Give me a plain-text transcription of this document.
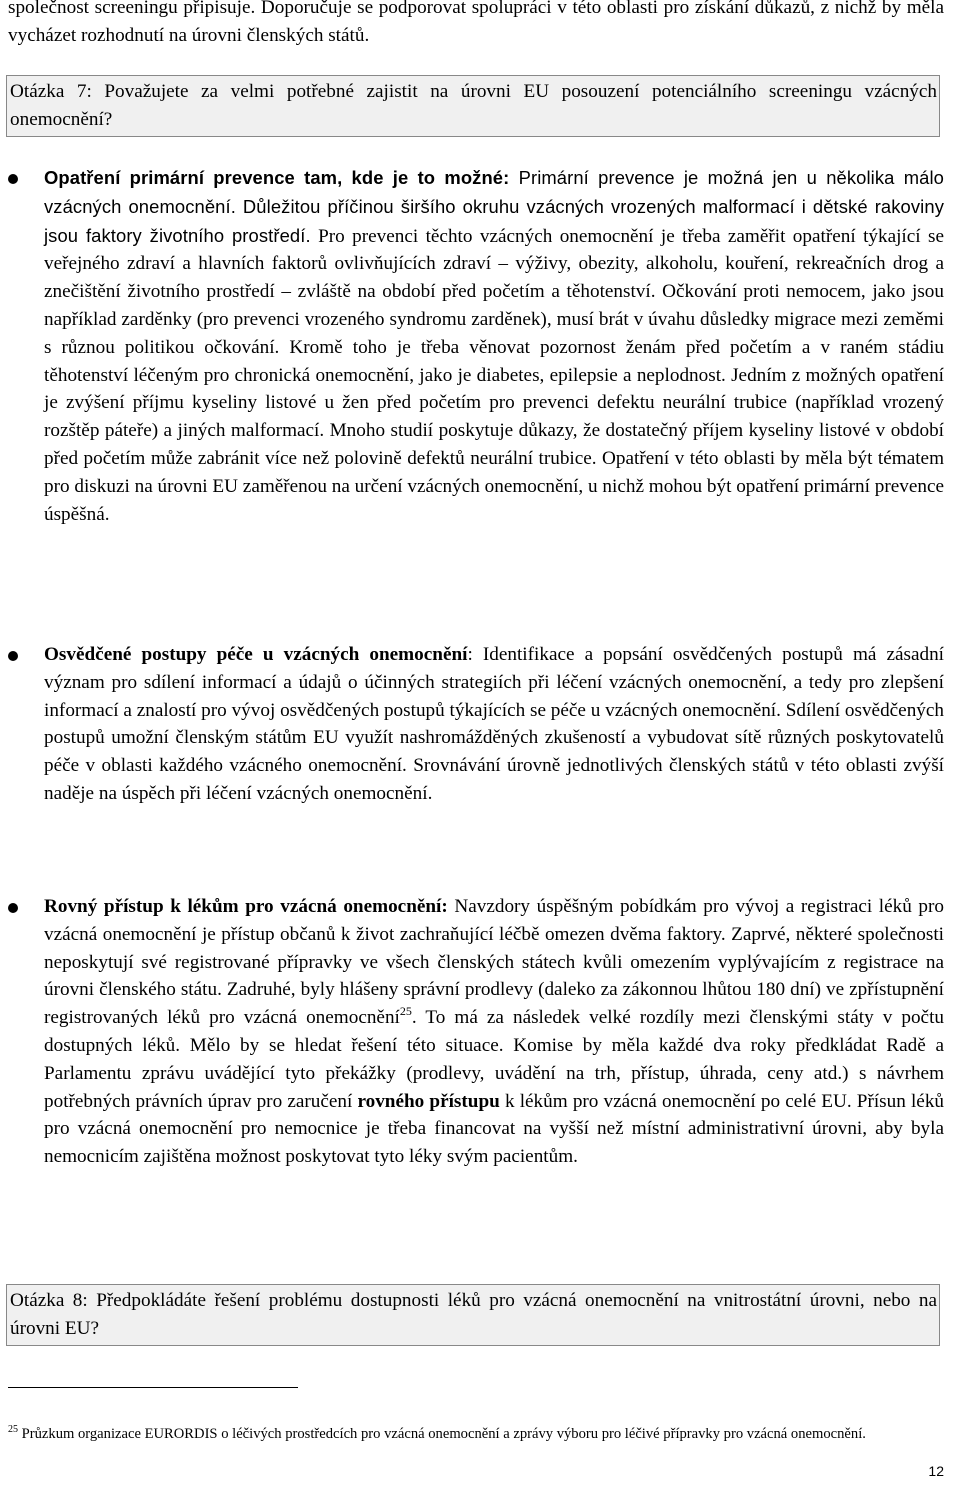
společnost screeningu připisuje. Doporučuje se podporovat spolupráci v této oblasti pro získání důkazů, z nichž by měla vycházet rozhodnutí na úrovni členských států.
Otázka 7: Považujete za velmi potřebné zajistit na úrovni EU posouzení potenciálního screeningu vzácných onemocnění?
Opatření primární prevence tam, kde je to možné: Primární prevence je možná jen u několika málo vzácných onemocnění. Důležitou příčinou širšího okruhu vzácných vrozených malformací i dětské rakoviny jsou faktory životního prostředí. Pro prevenci těchto vzácných onemocnění je třeba zaměřit opatření týkající se veřejného zdraví a hlavních faktorů ovlivňujících zdraví – výživy, obezity, alkoholu, kouření, rekreačních drog a znečištění životního prostředí – zvláště na období před početím a těhotenství. Očkování proti nemocem, jako jsou například zarděnky (pro prevenci vrozeného syndromu zarděnek), musí brát v úvahu důsledky migrace mezi zeměmi s různou politikou očkování. Kromě toho je třeba věnovat pozornost ženám před početím a v raném stádiu těhotenství léčeným pro chronická onemocnění, jako je diabetes, epilepsie a neplodnost. Jedním z možných opatření je zvýšení příjmu kyseliny listové u žen před početím pro prevenci defektu neurální trubice (například vrozený rozštěp páteře) a jiných malformací. Mnoho studií poskytuje důkazy, že dostatečný příjem kyseliny listové v období před početím může zabránit více než polovině defektů neurální trubice. Opatření v této oblasti by měla být tématem pro diskuzi na úrovni EU zaměřenou na určení vzácných onemocnění, u nichž mohou být opatření primární prevence úspěšná.
Osvědčené postupy péče u vzácných onemocnění: Identifikace a popsání osvědčených postupů má zásadní význam pro sdílení informací a údajů o účinných strategiích při léčení vzácných onemocnění, a tedy pro zlepšení informací a znalostí pro vývoj osvědčených postupů týkajících se péče u vzácných onemocnění. Sdílení osvědčených postupů umožní členským státům EU využít nashromážděných zkušeností a vybudovat sítě různých poskytovatelů péče v oblasti každého vzácného onemocnění. Srovnávání úrovně jednotlivých členských států v této oblasti zvýší naděje na úspěch při léčení vzácných onemocnění.
Rovný přístup k lékům pro vzácná onemocnění: Navzdory úspěšným pobídkám pro vývoj a registraci léků pro vzácná onemocnění je přístup občanů k život zachraňující léčbě omezen dvěma faktory. Zaprvé, některé společnosti neposkytují své registrované přípravky ve všech členských státech kvůli omezením vyplývajícím z registrace na úrovni členského státu. Zadruhé, byly hlášeny správní prodlevy (daleko za zákonnou lhůtou 180 dní) ve zpřístupnění registrovaných léků pro vzácná onemocnění$^{25}$. To má za následek velké rozdíly mezi členskými státy v počtu dostupných léků. Mělo by se hledat řešení této situace. Komise by měla každé dva roky předkládat Radě a Parlamentu zprávu uvádějící tyto překážky (prodlevy, uvádění na trh, přístup, úhrada, ceny atd.) s návrhem potřebných právních úprav pro zaručení rovného přístupu k lékům pro vzácná onemocnění po celé EU. Přísun léků pro vzácná onemocnění pro nemocnice je třeba financovat na vyšší než místní administrativní úrovni, aby byla nemocnicím zajištěna možnost poskytovat tyto léky svým pacientům.
Otázka 8: Předpokládáte řešení problému dostupnosti léků pro vzácná onemocnění na vnitrostátní úrovni, nebo na úrovni EU?
$^{25}$ Průzkum organizace EURORDIS o léčivých prostředcích pro vzácná onemocnění a zprávy výboru pro léčivé přípravky pro vzácná onemocnění.
12
